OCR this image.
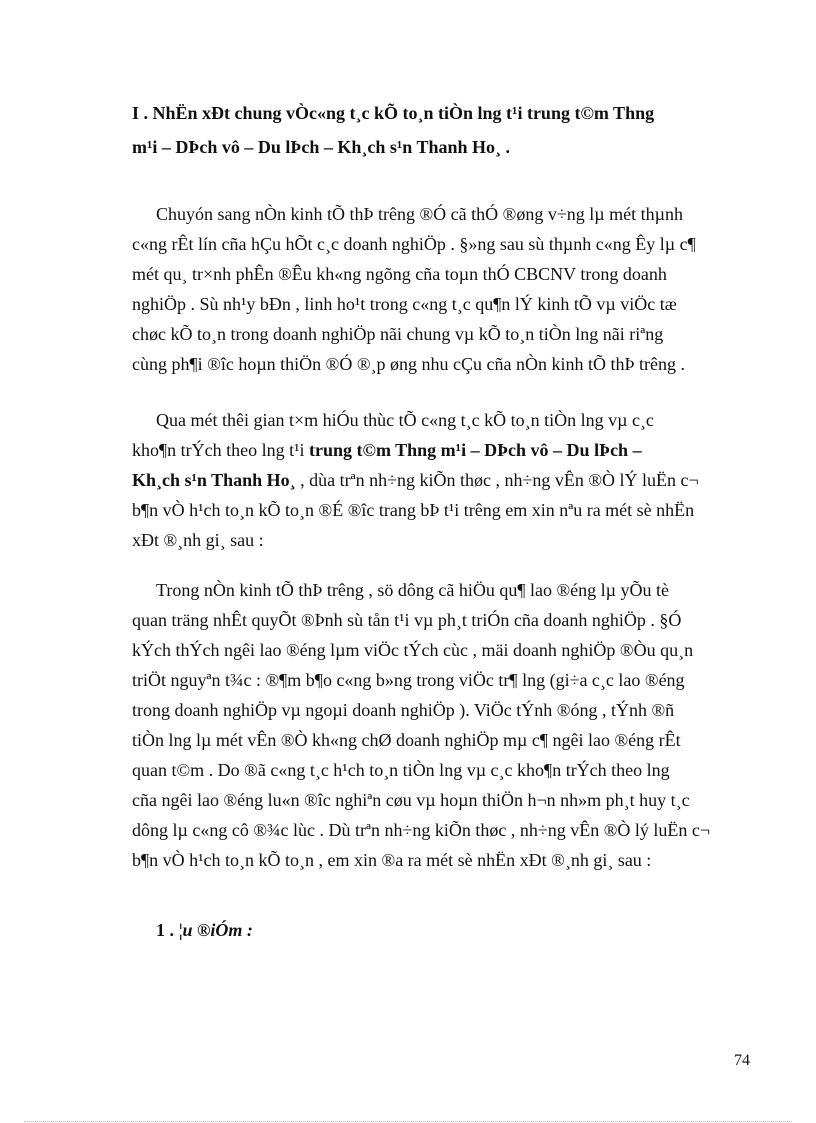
I . NhËn xÐt chung vÒc«ng t¸c kÕ to¸n tiÒn lng t¹i trung t©m Thng
m¹i – DÞch vô – Du lÞch – Kh¸ch s¹n Thanh Ho¸ .
Chuyón sang nÒn kinh tÕ thÞ trêng ®Ó cã thÓ ®øng v÷ng lµ mét thµnh
c«ng rÊt lín cña hÇu hÕt c¸c doanh nghiÖp . §»ng sau sù thµnh c«ng Êy lµ c¶
mét qu¸ tr×nh phÊn ®Êu kh«ng ngõng cña toµn thÓ CBCNV trong doanh
nghiÖp . Sù nh¹y bÐn , linh ho¹t trong c«ng t¸c qu¶n lÝ kinh tÕ vµ viÖc tæ
chøc kÕ to¸n trong doanh nghiÖp nãi chung vµ kÕ to¸n tiÒn lng nãi riªng
cùng ph¶i ®îc hoµn thiÖn ®Ó ®¸p øng nhu cÇu cña nÒn kinh tÕ thÞ trêng .
Qua mét thêi gian t×m hiÓu thùc tÕ c«ng t¸c kÕ to¸n tiÒn lng vµ c¸c
kho¶n trÝch theo lng t¹i trung t©m Thng m¹i – DÞch vô – Du lÞch –
Kh¸ch s¹n Thanh Ho¸ , dùa trªn nh÷ng kiÕn thøc , nh÷ng vÊn ®Ò lÝ luËn c¬
b¶n vÒ h¹ch to¸n kÕ to¸n ®É ®îc trang bÞ t¹i trêng em xin nªu ra mét sè nhËn
xÐt ®¸nh gi¸ sau :
Trong nÒn kinh tÕ thÞ trêng , sö dông cã hiÖu qu¶ lao ®éng lµ yÕu tè
quan träng nhÊt quyÕt ®Þnh sù tån t¹i vµ ph¸t triÓn cña doanh nghiÖp . §Ó
kÝch thÝch ngêi lao ®éng lµm viÖc tÝch cùc , mäi doanh nghiÖp ®Òu qu¸n
triÖt nguyªn t¾c : ®¶m b¶o c«ng b»ng trong viÖc tr¶ lng (gi÷a c¸c lao ®éng
trong doanh nghiÖp vµ ngoµi doanh nghiÖp ). ViÖc tÝnh ®óng , tÝnh ®ñ
tiÒn lng lµ mét vÊn ®Ò kh«ng chØ doanh nghiÖp mµ c¶ ngêi lao ®éng rÊt
quan t©m . Do ®ã c«ng t¸c h¹ch to¸n tiÒn lng vµ c¸c kho¶n trÝch theo lng
cña ngêi lao ®éng lu«n ®îc nghiªn cøu vµ hoµn thiÖn h¬n nh»m ph¸t huy t¸c
dông lµ c«ng cô ®¾c lùc . Dù trªn nh÷ng kiÕn thøc , nh÷ng vÊn ®Ò lý luËn c¬
b¶n vÒ h¹ch to¸n kÕ to¸n , em xin ®a ra mét sè nhËn xÐt ®¸nh gi¸ sau :
1 . ¦u ®iÓm :
74
